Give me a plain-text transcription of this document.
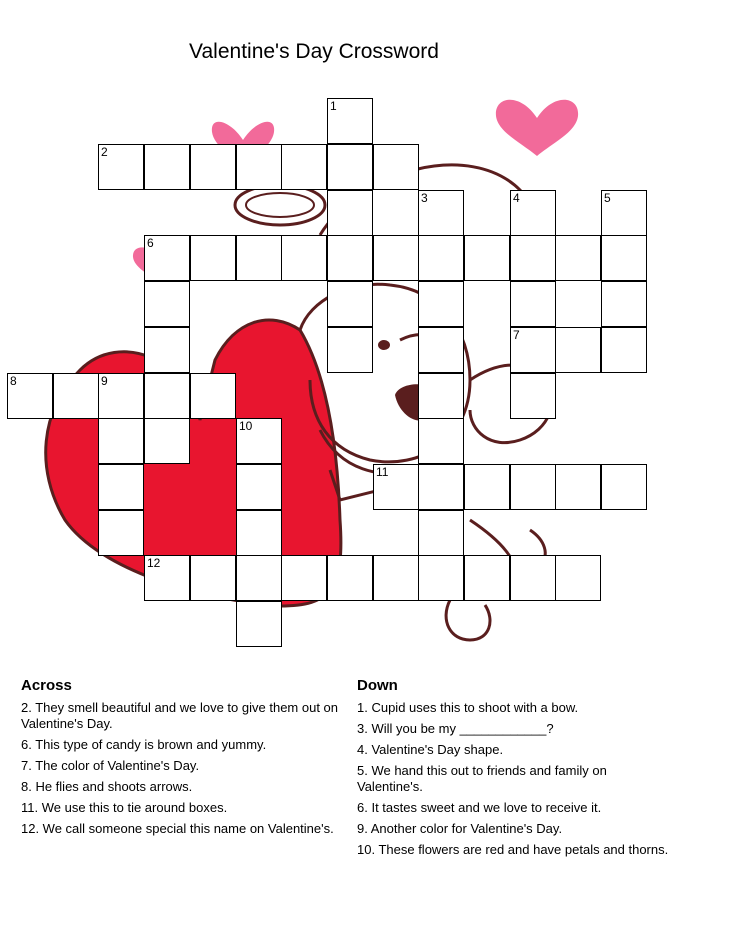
Valentine's Day Crossword
2
1
3	4
7
5
6
8	9
10
11
12
Across
2. They smell beautiful and we love to give them out on Valentine's Day.
6. This type of candy is brown and yummy.
7. The color of Valentine's Day.
8. He flies and shoots arrows.
11. We use this to tie around boxes.
12. We call someone special this name on Valentine's.
Down
1. Cupid uses this to shoot with a bow.
3. Will you be my ____________?
4. Valentine's Day shape.
5. We hand this out to friends and family on Valentine's.
6. It tastes sweet and we love to receive it.
9. Another color for Valentine's Day.
10. These flowers are red and have petals and thorns.
